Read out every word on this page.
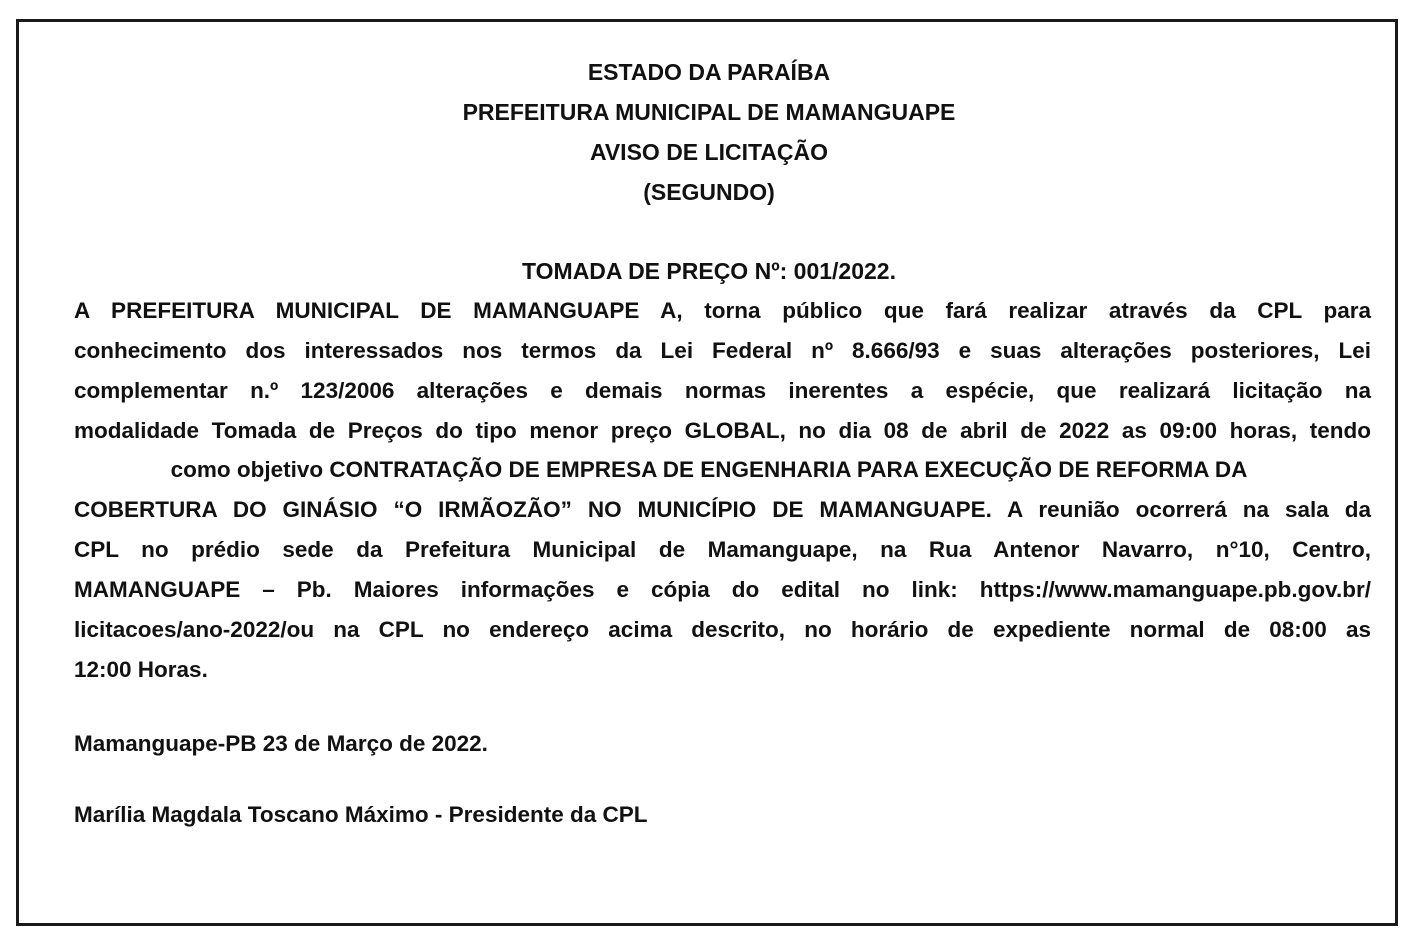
ESTADO DA PARAÍBA
PREFEITURA MUNICIPAL DE MAMANGUAPE
AVISO DE LICITAÇÃO
(SEGUNDO)
TOMADA DE PREÇO Nº: 001/2022.
A PREFEITURA MUNICIPAL DE MAMANGUAPE A, torna público que fará realizar através da CPL para
conhecimento dos interessados nos termos da Lei Federal nº 8.666/93 e suas alterações posteriores, Lei
complementar n.º 123/2006 alterações e demais normas inerentes a espécie, que realizará licitação na
modalidade Tomada de Preços do tipo menor preço GLOBAL, no dia 08 de abril de 2022 as 09:00 horas, tendo
como objetivo CONTRATAÇÃO DE EMPRESA DE ENGENHARIA PARA EXECUÇÃO DE REFORMA DA
COBERTURA DO GINÁSIO “O IRMÃOZÃO” NO MUNICÍPIO DE MAMANGUAPE. A reunião ocorrerá na sala da
CPL no prédio sede da Prefeitura Municipal de Mamanguape, na Rua Antenor Navarro, n°10, Centro,
MAMANGUAPE – Pb. Maiores informações e cópia do edital no link: https://www.mamanguape.pb.gov.br/
licitacoes/ano-2022/ou na CPL no endereço acima descrito, no horário de expediente normal de 08:00 as
12:00 Horas.
Mamanguape-PB 23 de Março de 2022.
Marília Magdala Toscano Máximo - Presidente da CPL
